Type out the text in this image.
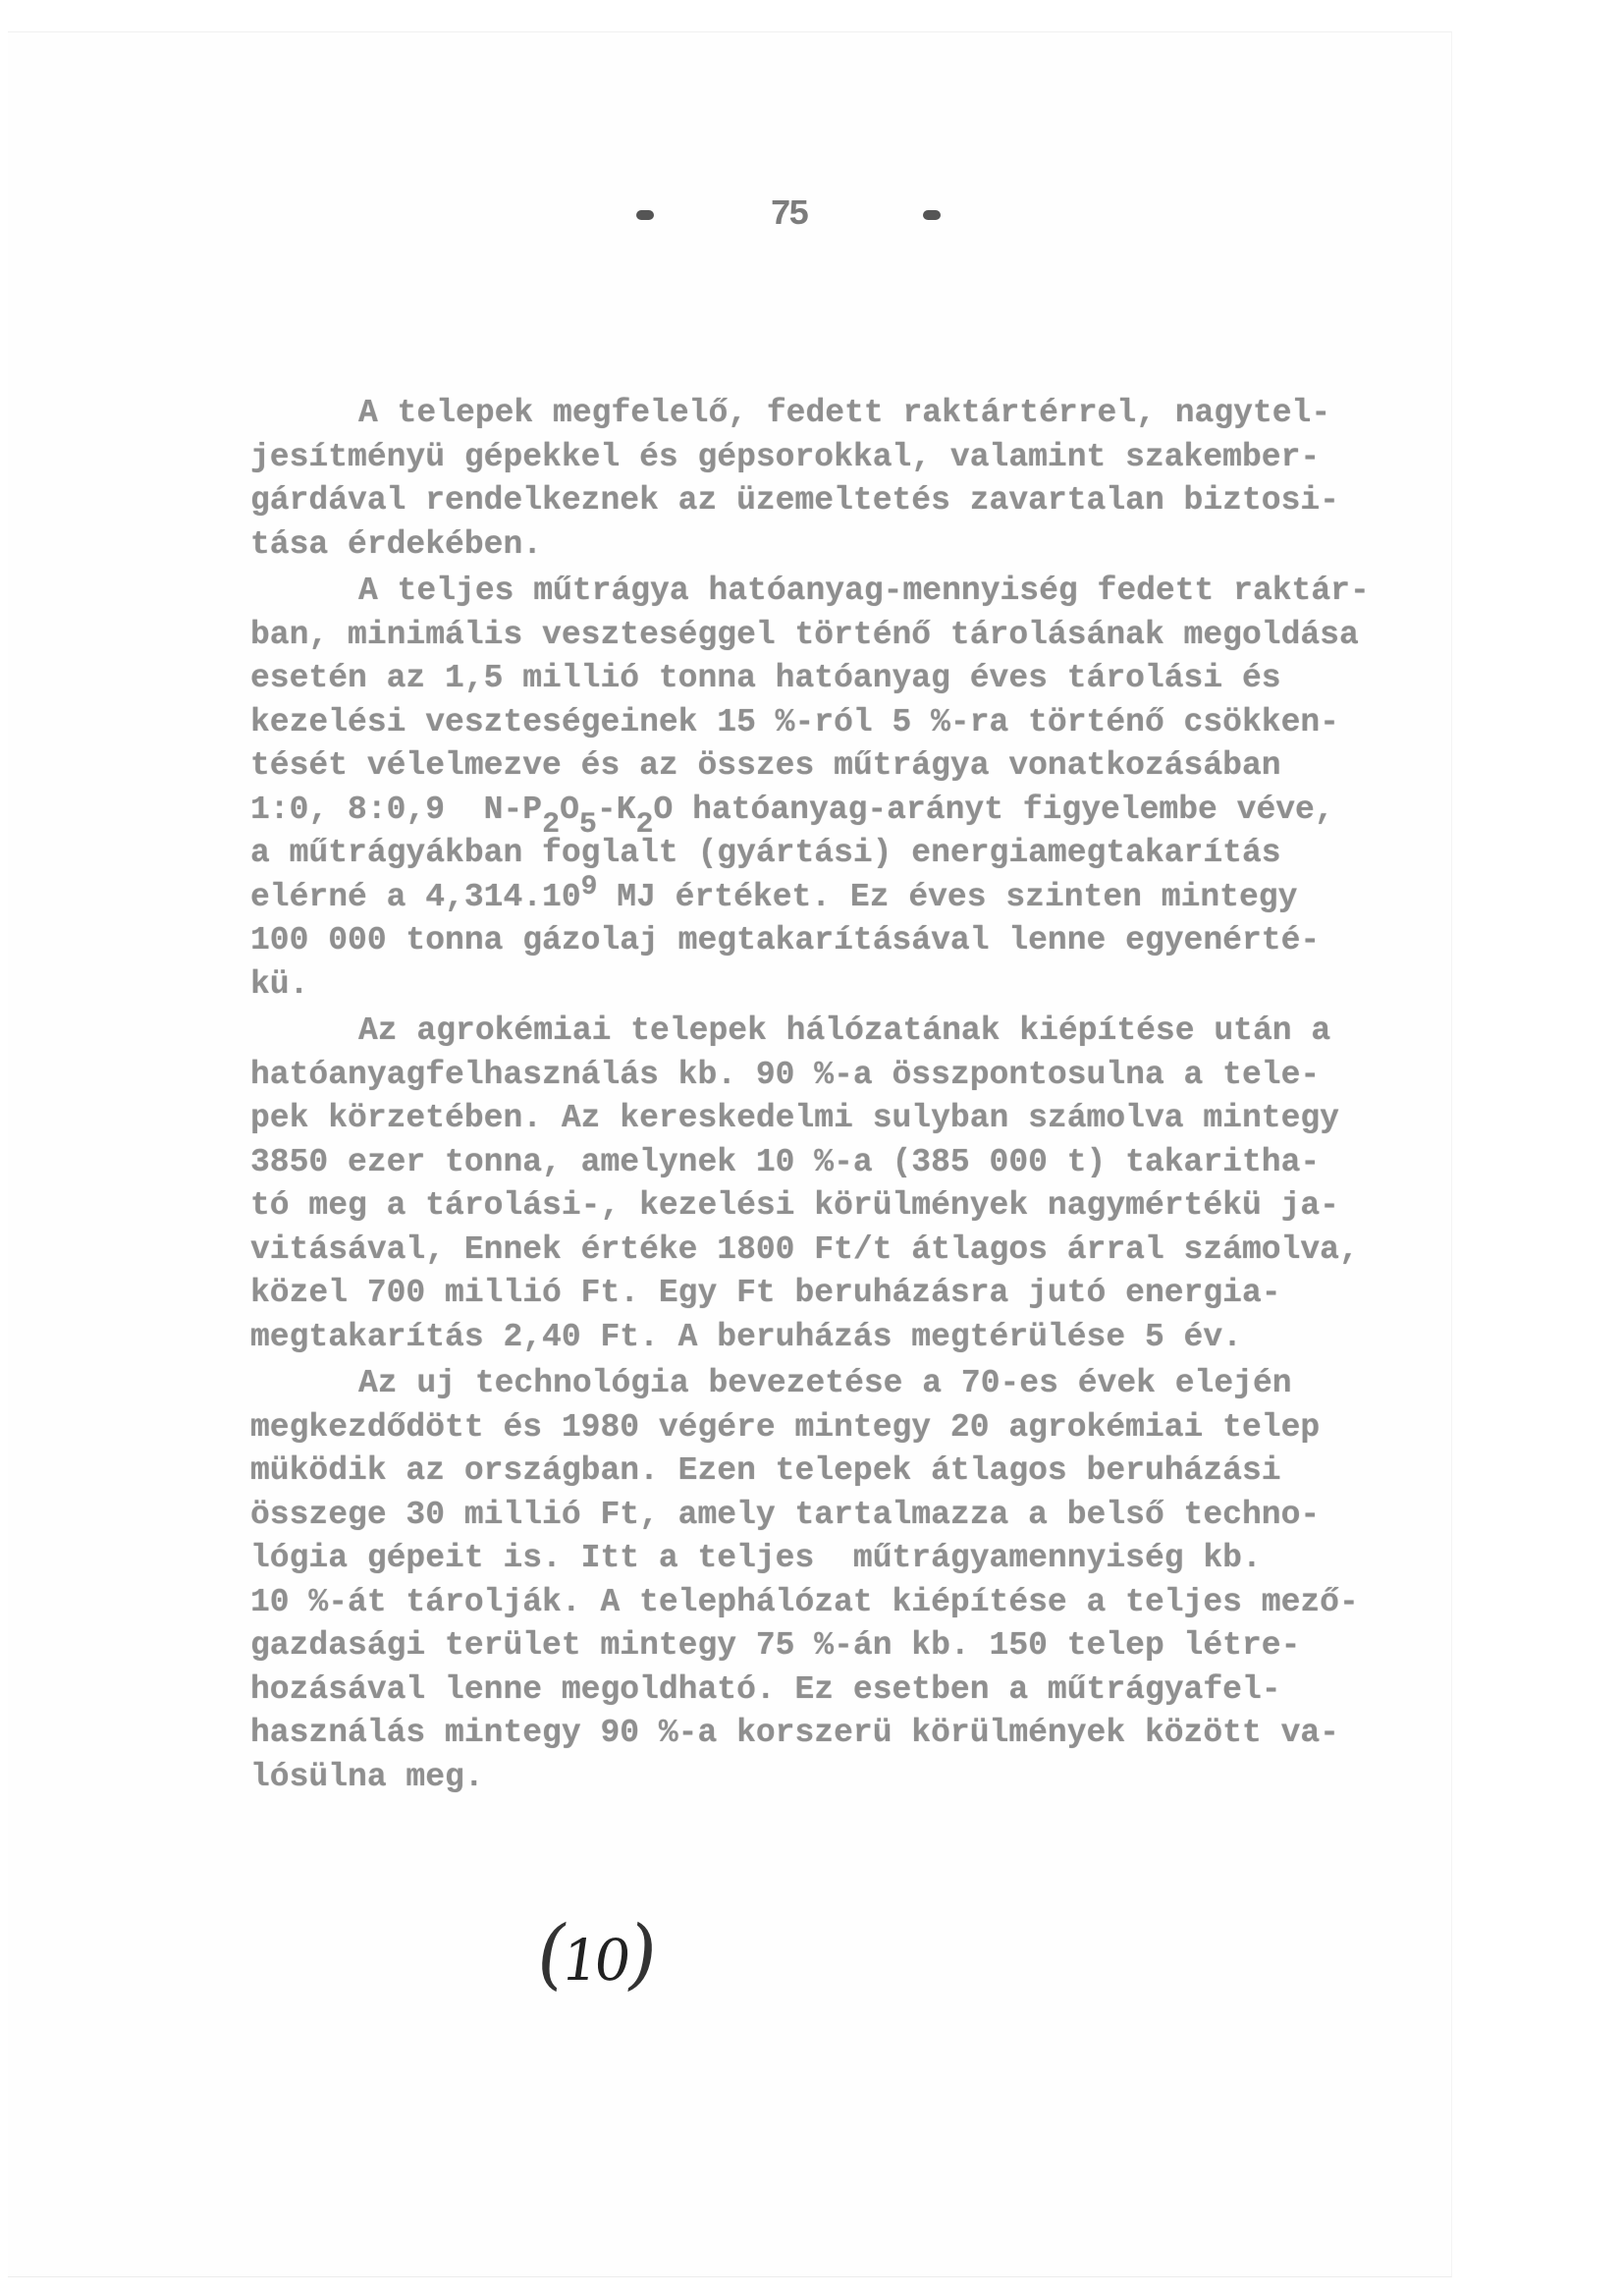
75
A telepek megfelelő, fedett raktártérrel, nagytel-
jesítményü gépekkel és gépsorokkal, valamint szakember-
gárdával rendelkeznek az üzemeltetés zavartalan biztosi-
tása érdekében.
A teljes műtrágya hatóanyag-mennyiség fedett raktár-
ban, minimális veszteséggel történő tárolásának megoldása
esetén az 1,5 millió tonna hatóanyag éves tárolási és
kezelési veszteségeinek 15 %-ról 5 %-ra történő csökken-
tését vélelmezve és az összes műtrágya vonatkozásában
1:0, 8:0,9  $N-P_2O_5-K_2O$ hatóanyag-arányt figyelembe véve,
a műtrágyákban foglalt (gyártási) energiamegtakarítás
elérné a 4,314.10$^9$ MJ értéket. Ez éves szinten mintegy
100 000 tonna gázolaj megtakarításával lenne egyenérté-
kü.
Az agrokémiai telepek hálózatának kiépítése után a
hatóanyagfelhasználás kb. 90 %-a összpontosulna a tele-
pek körzetében. Az kereskedelmi sulyban számolva mintegy
3850 ezer tonna, amelynek 10 %-a (385 000 t) takaritha-
tó meg a tárolási-, kezelési körülmények nagymértékü ja-
vitásával, Ennek értéke 1800 Ft/t átlagos árral számolva,
közel 700 millió Ft. Egy Ft beruházásra jutó energia-
megtakarítás 2,40 Ft. A beruházás megtérülése 5 év.
Az uj technológia bevezetése a 70-es évek elején
megkezdődött és 1980 végére mintegy 20 agrokémiai telep
müködik az országban. Ezen telepek átlagos beruházási
összege 30 millió Ft, amely tartalmazza a belső techno-
lógia gépeit is. Itt a teljes  műtrágyamennyiség kb.
10 %-át tárolják. A telephálózat kiépítése a teljes mező-
gazdasági terület mintegy 75 %-án kb. 150 telep létre-
hozásával lenne megoldható. Ez esetben a műtrágyafel-
használás mintegy 90 %-a korszerü körülmények között va-
lósülna meg.
(10)
